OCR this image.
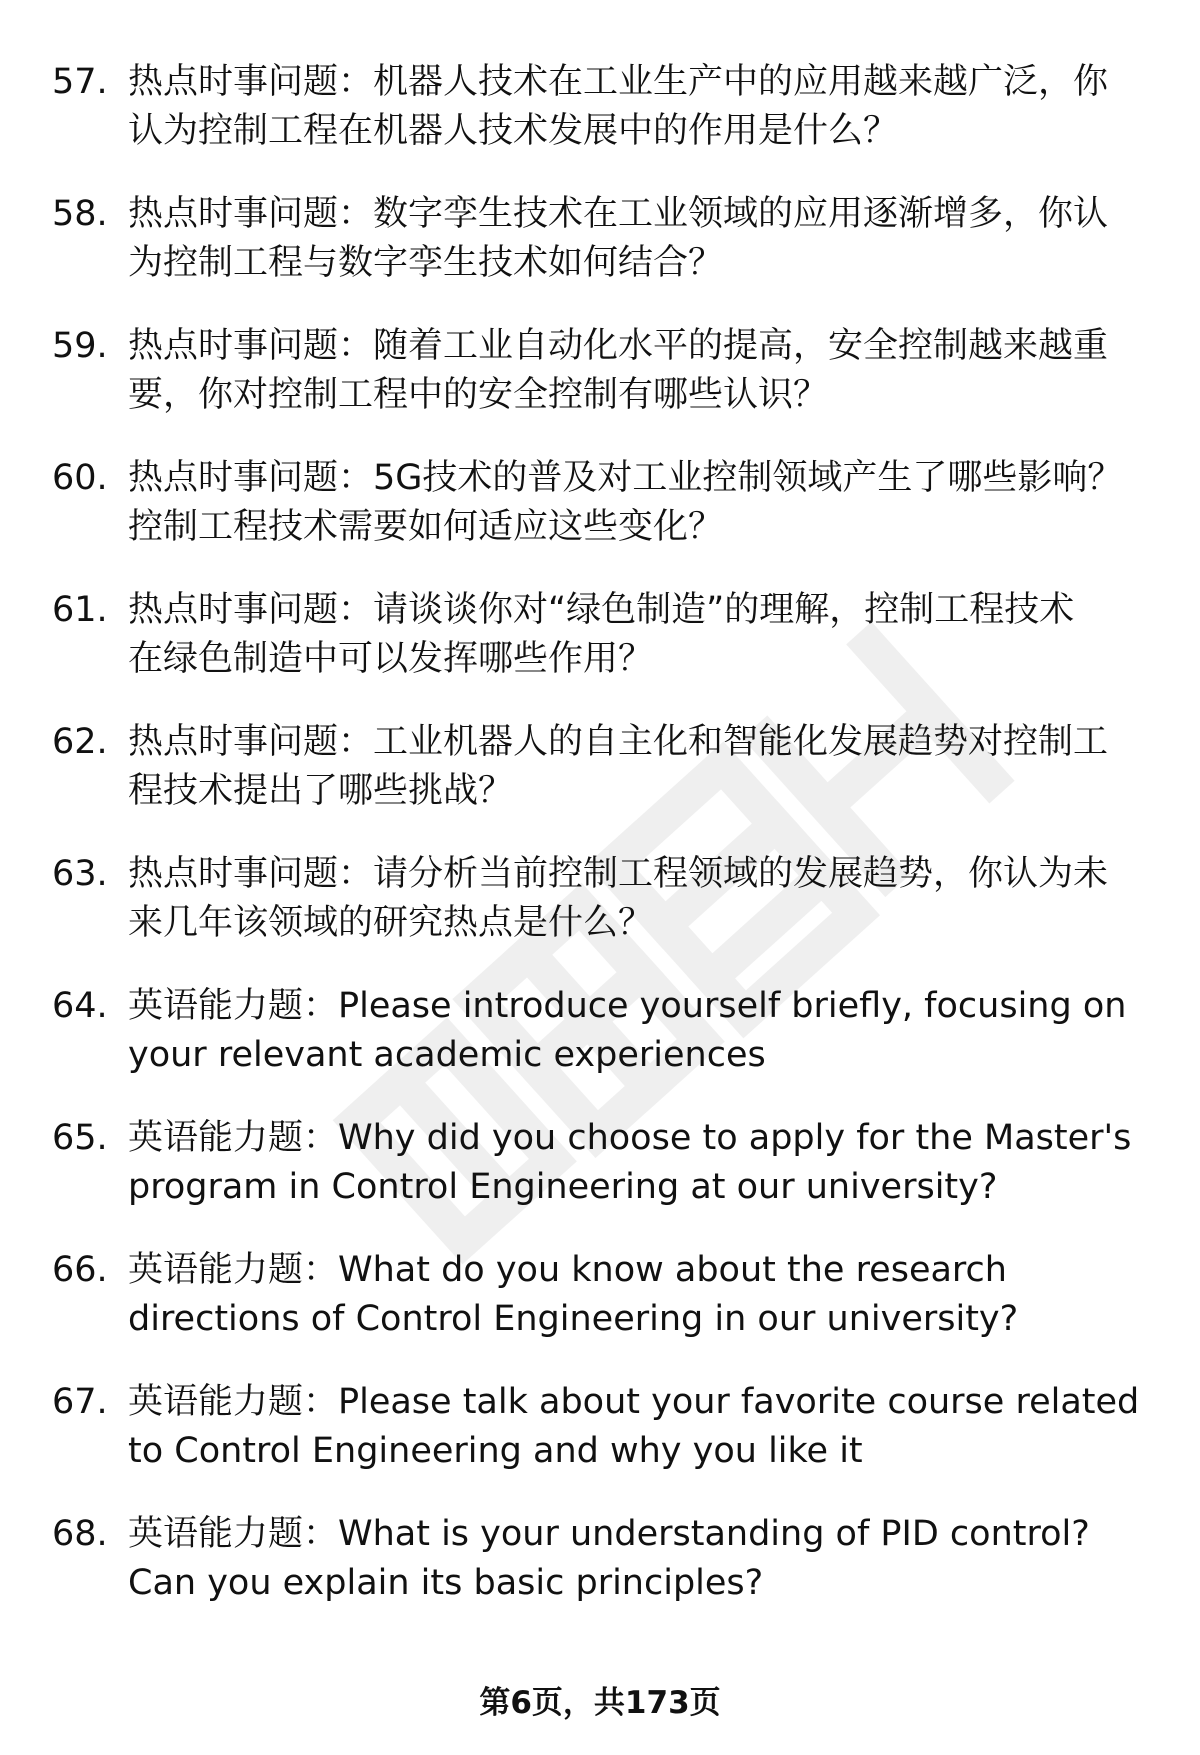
57. 热点时事问题：机器人技术在工业生产中的应用越来越广泛，你
认为控制工程在机器人技术发展中的作用是什么？
58. 热点时事问题：数字孪生技术在工业领域的应用逐渐增多，你认
为控制工程与数字孪生技术如何结合？
59. 热点时事问题：随着工业自动化水平的提高，安全控制越来越重
要，你对控制工程中的安全控制有哪些认识？
60. 热点时事问题：5G技术的普及对工业控制领域产生了哪些影响？
控制工程技术需要如何适应这些变化？
61. 热点时事问题：请谈谈你对“绿色制造”的理解，控制工程技术
在绿色制造中可以发挥哪些作用？
62. 热点时事问题：工业机器人的自主化和智能化发展趋势对控制工
程技术提出了哪些挑战？
63. 热点时事问题：请分析当前控制工程领域的发展趋势，你认为未
来几年该领域的研究热点是什么？
64. 英语能力题：Please introduce yourself briefly, focusing on
your relevant academic experiences
65. 英语能力题：Why did you choose to apply for the Master's
program in Control Engineering at our university?
66. 英语能力题：What do you know about the research
directions of Control Engineering in our university?
67. 英语能力题：Please talk about your favorite course related
to Control Engineering and why you like it
68. 英语能力题：What is your understanding of PID control?
Can you explain its basic principles?
第6页，共173页
